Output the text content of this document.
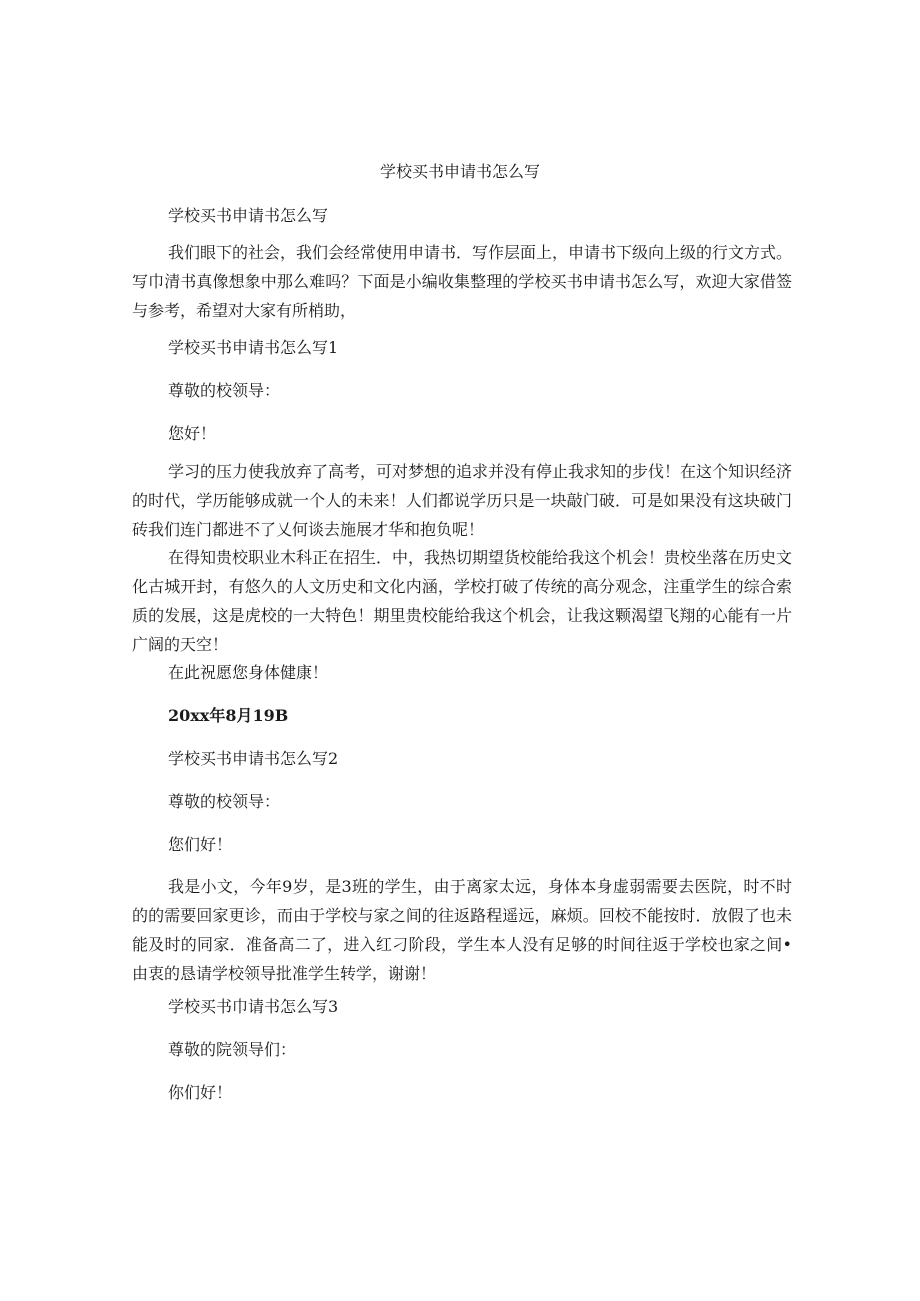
学校买书申请书怎么写
学校买书申请书怎么写

我们眼下的社会，我们会经常使用申请书．写作层面上，申请书下级向上级的行文方式。写巾清书真像想象中那么难吗？下面是小编收集整理的学校买书申请书怎么写，欢迎大家借签与参考，希望对大家有所梢助，

学校买书申请书怎么写1
尊敬的校领导：
您好！

学习的压力使我放弃了高考，可对梦想的追求并没有停止我求知的步伐！在这个知识经济的时代，学历能够成就一个人的未来！人们都说学历只是一块敲门破．可是如果没有这块破门砖我们连门都进不了乂何谈去施展才华和抱负呢！

在得知贵校职业木科正在招生．中，我热切期望货校能给我这个机会！贵校坐落在历史文化古城开封，有悠久的人文历史和文化内涵，学校打破了传统的高分观念，注重学生的综合索质的发展，这是虎校的一大特色！期里贵校能给我这个机会，让我这颗渴望飞翔的心能有一片广阔的天空！

在此祝愿您身体健康！
20xx年8月19B
学校买书申请书怎么写2
尊敬的校领导：
您们好！

我是小文，今年9岁，是3班的学生，由于离家太远，身体本身虚弱需要去医院，时不时的的需要回家更诊，而由于学校与家之间的往返路程遥远，麻烦。回校不能按时．放假了也未能及时的同家．准备高二了，进入红刁阶段，学生本人没有足够的时间往返于学校也家之间•由衷的恳请学校领导批准学生转学，谢谢！

学校买书巾请书怎么写3
尊敬的院领导们：
你们好！
